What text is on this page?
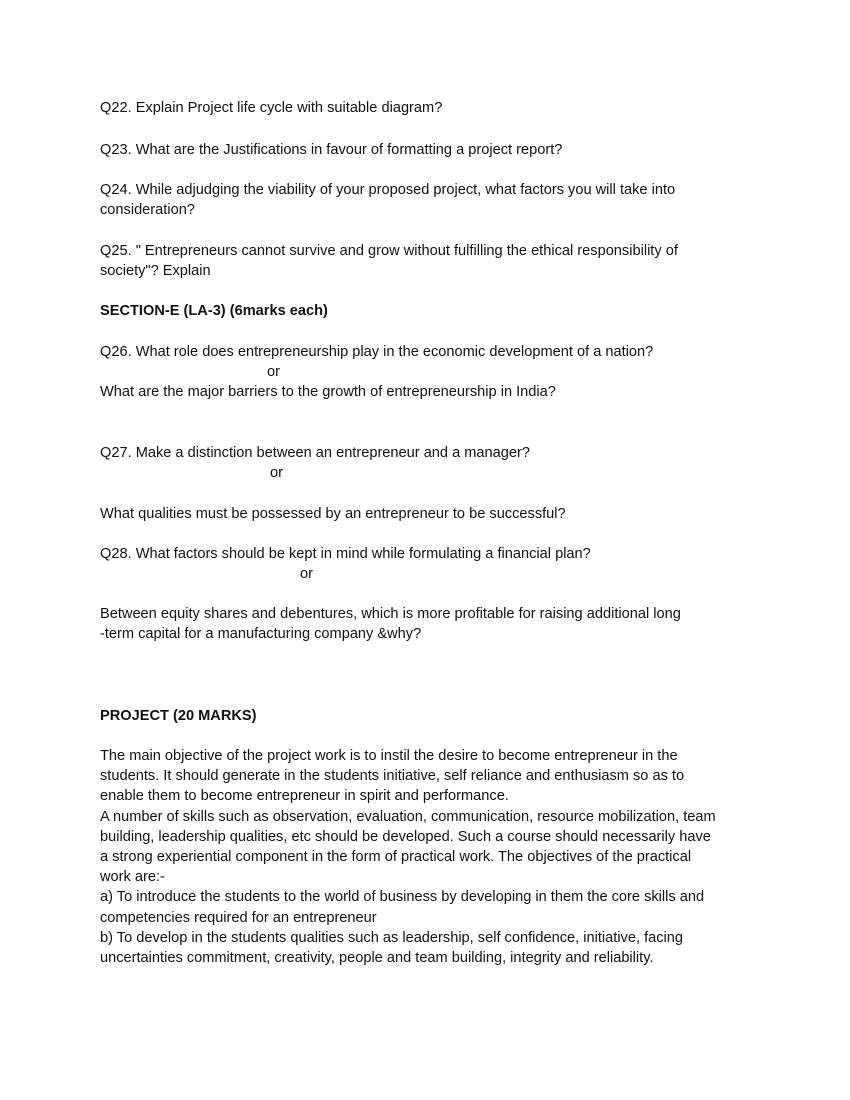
Q22. Explain Project life cycle with suitable diagram?
Q23. What are the Justifications in favour of formatting a project report?
Q24. While adjudging the viability of your proposed project, what factors you will take into
consideration?
Q25. " Entrepreneurs cannot survive and grow without fulfilling the ethical responsibility of
society"? Explain
SECTION-E (LA-3) (6marks each)
Q26. What role does entrepreneurship play in the economic development of a nation?
or
What are the major barriers to the growth of entrepreneurship in India?
Q27. Make a distinction between an entrepreneur and a manager?
or
What qualities must be possessed by an entrepreneur to be successful?
Q28. What factors should be kept in mind while formulating a financial plan?
or
Between equity shares and debentures, which is more profitable for raising additional long
-term capital for a manufacturing company &why?
PROJECT (20 MARKS)
The main objective of the project work is to instil the desire to become entrepreneur in the
students. It should generate in the students initiative, self reliance and enthusiasm so as to
enable them to become entrepreneur in spirit and performance.
A number of skills such as observation, evaluation, communication, resource mobilization, team
building, leadership qualities, etc should be developed. Such a course should necessarily have
a strong experiential component in the form of practical work. The objectives of the practical
work are:-
a) To introduce the students to the world of business by developing in them the core skills and
competencies required for an entrepreneur
b) To develop in the students qualities such as leadership, self confidence, initiative, facing
uncertainties commitment, creativity, people and team building, integrity and reliability.
